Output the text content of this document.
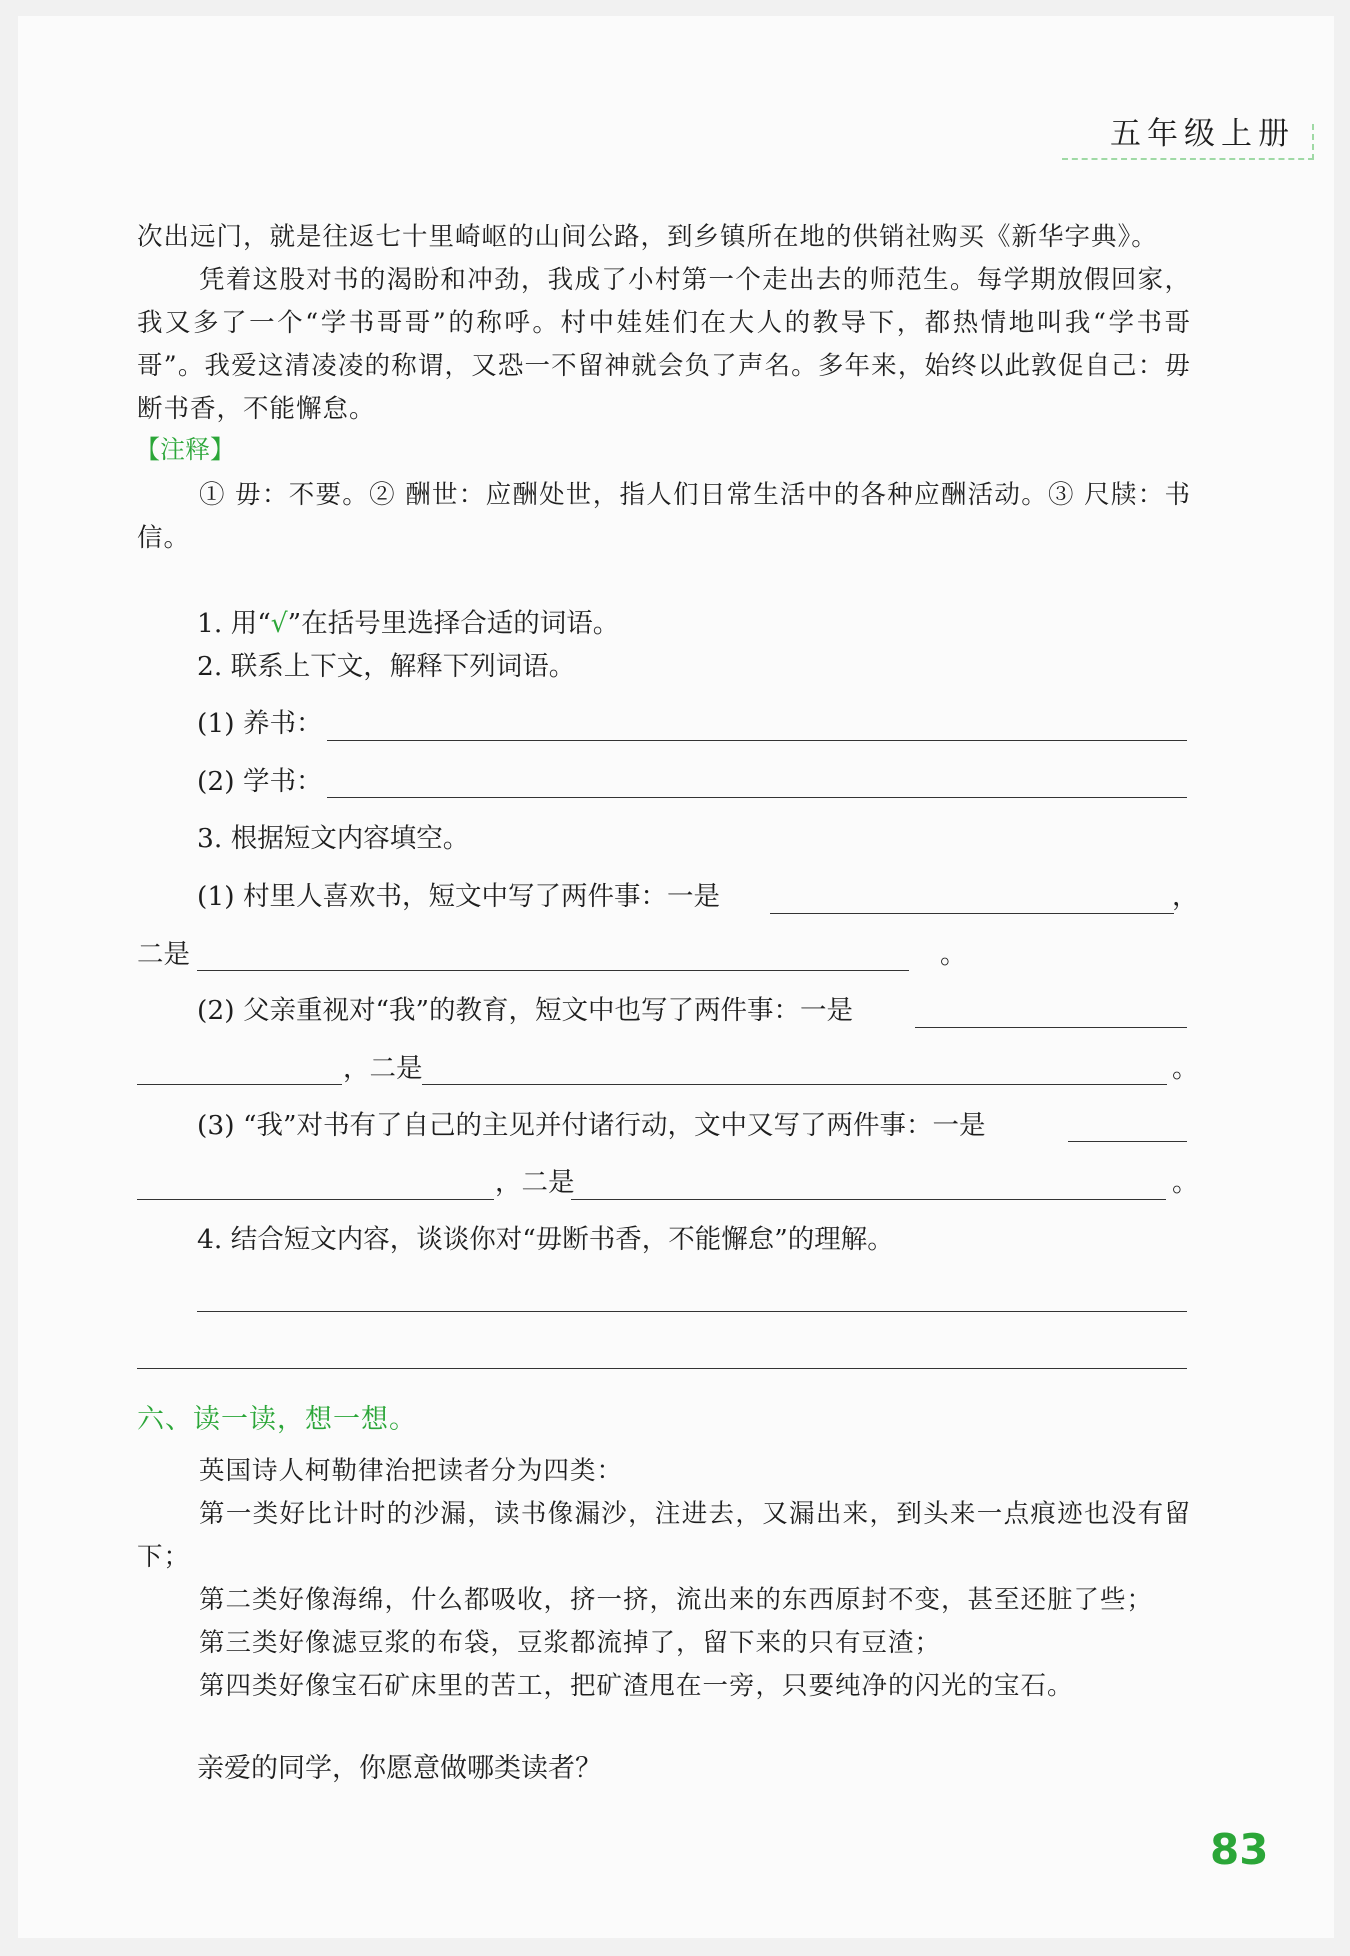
五年级上册

次出远门，就是往返七十里崎岖的山间公路，到乡镇所在地的供销社购买《新华字典》。

凭着这股对书的渴盼和冲劲，我成了小村第一个走出去的师范生。每学期放假回家，我又多了一个“学书哥哥”的称呼。村中娃娃们在大人的教导下，都热情地叫我“学书哥哥”。我爱这清凌凌的称谓，又恐一不留神就会负了声名。多年来，始终以此敦促自己：毋断书香，不能懈怠。

【注释】

① 毋：不要。② 酬世：应酬处世，指人们日常生活中的各种应酬活动。③ 尺牍：书信。

1. 用“√”在括号里选择合适的词语。

2. 联系上下文，解释下列词语。

(1) 养书：

(2) 学书：

3. 根据短文内容填空。

(1) 村里人喜欢书，短文中写了两件事：一是	，

二是	。

(2) 父亲重视对“我”的教育，短文中也写了两件事：一是

，二是	。

(3) “我”对书有了自己的主见并付诸行动，文中又写了两件事：一是

，二是	。

4. 结合短文内容，谈谈你对“毋断书香，不能懈怠”的理解。

六、读一读，想一想。

英国诗人柯勒律治把读者分为四类：

第一类好比计时的沙漏，读书像漏沙，注进去，又漏出来，到头来一点痕迹也没有留下；

第二类好像海绵，什么都吸收，挤一挤，流出来的东西原封不变，甚至还脏了些；

第三类好像滤豆浆的布袋，豆浆都流掉了，留下来的只有豆渣；

第四类好像宝石矿床里的苦工，把矿渣甩在一旁，只要纯净的闪光的宝石。

亲爱的同学，你愿意做哪类读者？

83
